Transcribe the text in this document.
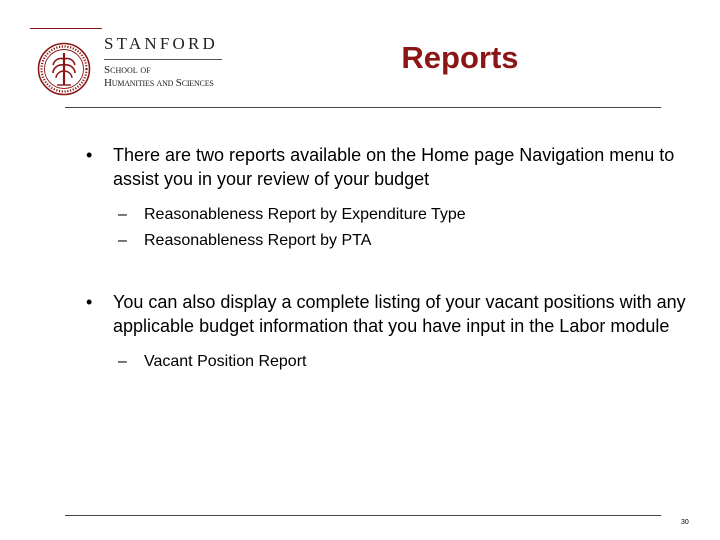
STANFORD
School of
Humanities and Sciences
Reports
• There are two reports available on the Home page Navigation menu to assist you in your review of your budget
– Reasonableness Report by Expenditure Type
– Reasonableness Report by PTA
• You can also display a complete listing of your vacant positions with any applicable budget information that you have input in the Labor module
– Vacant Position Report
30
